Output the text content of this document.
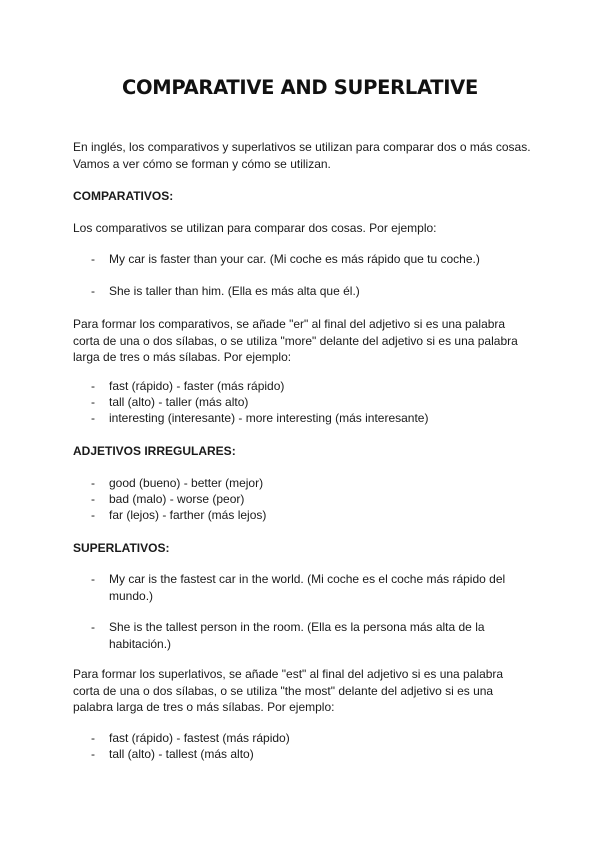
COMPARATIVE AND SUPERLATIVE

En inglés, los comparativos y superlativos se utilizan para comparar dos o más cosas. Vamos a ver cómo se forman y cómo se utilizan.

COMPARATIVOS:

Los comparativos se utilizan para comparar dos cosas. Por ejemplo:

- My car is faster than your car. (Mi coche es más rápido que tu coche.)
- She is taller than him. (Ella es más alta que él.)

Para formar los comparativos, se añade "er" al final del adjetivo si es una palabra corta de una o dos sílabas, o se utiliza "more" delante del adjetivo si es una palabra larga de tres o más sílabas. Por ejemplo:

- fast (rápido) - faster (más rápido)
- tall (alto) - taller (más alto)
- interesting (interesante) - more interesting (más interesante)

ADJETIVOS IRREGULARES:

- good (bueno) - better (mejor)
- bad (malo) - worse (peor)
- far (lejos) - farther (más lejos)

SUPERLATIVOS:

- My car is the fastest car in the world. (Mi coche es el coche más rápido del mundo.)
- She is the tallest person in the room. (Ella es la persona más alta de la habitación.)

Para formar los superlativos, se añade "est" al final del adjetivo si es una palabra corta de una o dos sílabas, o se utiliza "the most" delante del adjetivo si es una palabra larga de tres o más sílabas. Por ejemplo:

- fast (rápido) - fastest (más rápido)
- tall (alto) - tallest (más alto)
